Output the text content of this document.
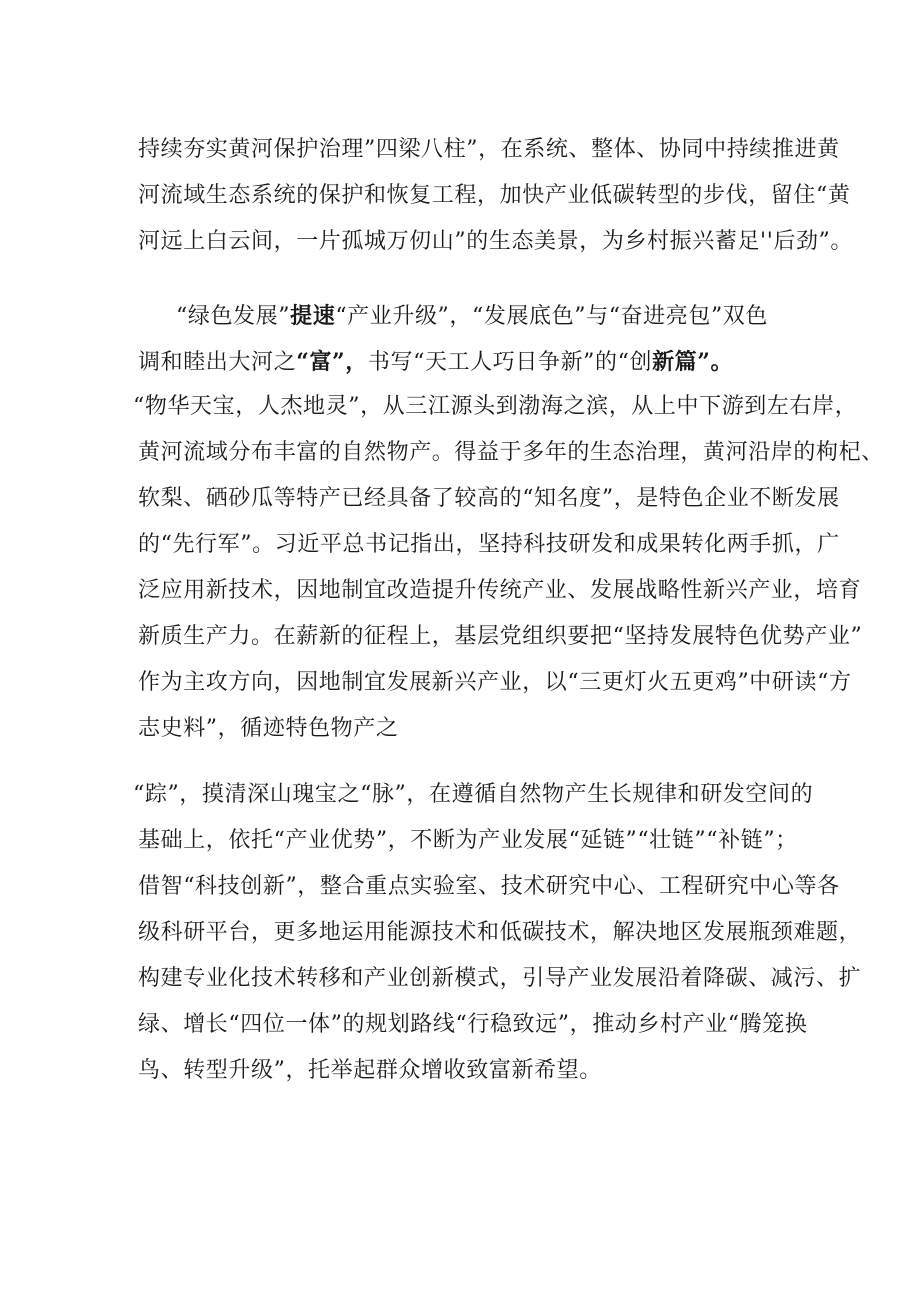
持续夯实黄河保护治理”四梁八柱”，在系统、整体、协同中持续推进黄
河流域生态系统的保护和恢复工程，加快产业低碳转型的步伐，留住“黄
河远上白云间，一片孤城万仞山”的生态美景，为乡村振兴蓄足''后劲”。
“绿色发展”提速“产业升级”，“发展底色”与“奋进亮包”双色
调和睦出大河之“富”，书写“天工人巧日争新”的“创新篇”。
“物华天宝，人杰地灵”，从三江源头到渤海之滨，从上中下游到左右岸，
黄河流域分布丰富的自然物产。得益于多年的生态治理，黄河沿岸的枸杞、
软梨、硒砂瓜等特产已经具备了较高的“知名度”，是特色企业不断发展
的“先行军”。习近平总书记指出，坚持科技研发和成果转化两手抓，广
泛应用新技术，因地制宜改造提升传统产业、发展战略性新兴产业，培育
新质生产力。在薪新的征程上，基层党组织要把“坚持发展特色优势产业”
作为主攻方向，因地制宜发展新兴产业，以“三更灯火五更鸡”中研读“方
志史料”，循迹特色物产之
“踪”，摸清深山瑰宝之“脉”，在遵循自然物产生长规律和研发空间的
基础上，依托“产业优势”，不断为产业发展“延链”“壮链”“补链”；
借智“科技创新”，整合重点实验室、技术研究中心、工程研究中心等各
级科研平台，更多地运用能源技术和低碳技术，解决地区发展瓶颈难题，
构建专业化技术转移和产业创新模式，引导产业发展沿着降碳、减污、扩
绿、增长“四位一体”的规划路线“行稳致远”，推动乡村产业“腾笼换
鸟、转型升级”，托举起群众增收致富新希望。
